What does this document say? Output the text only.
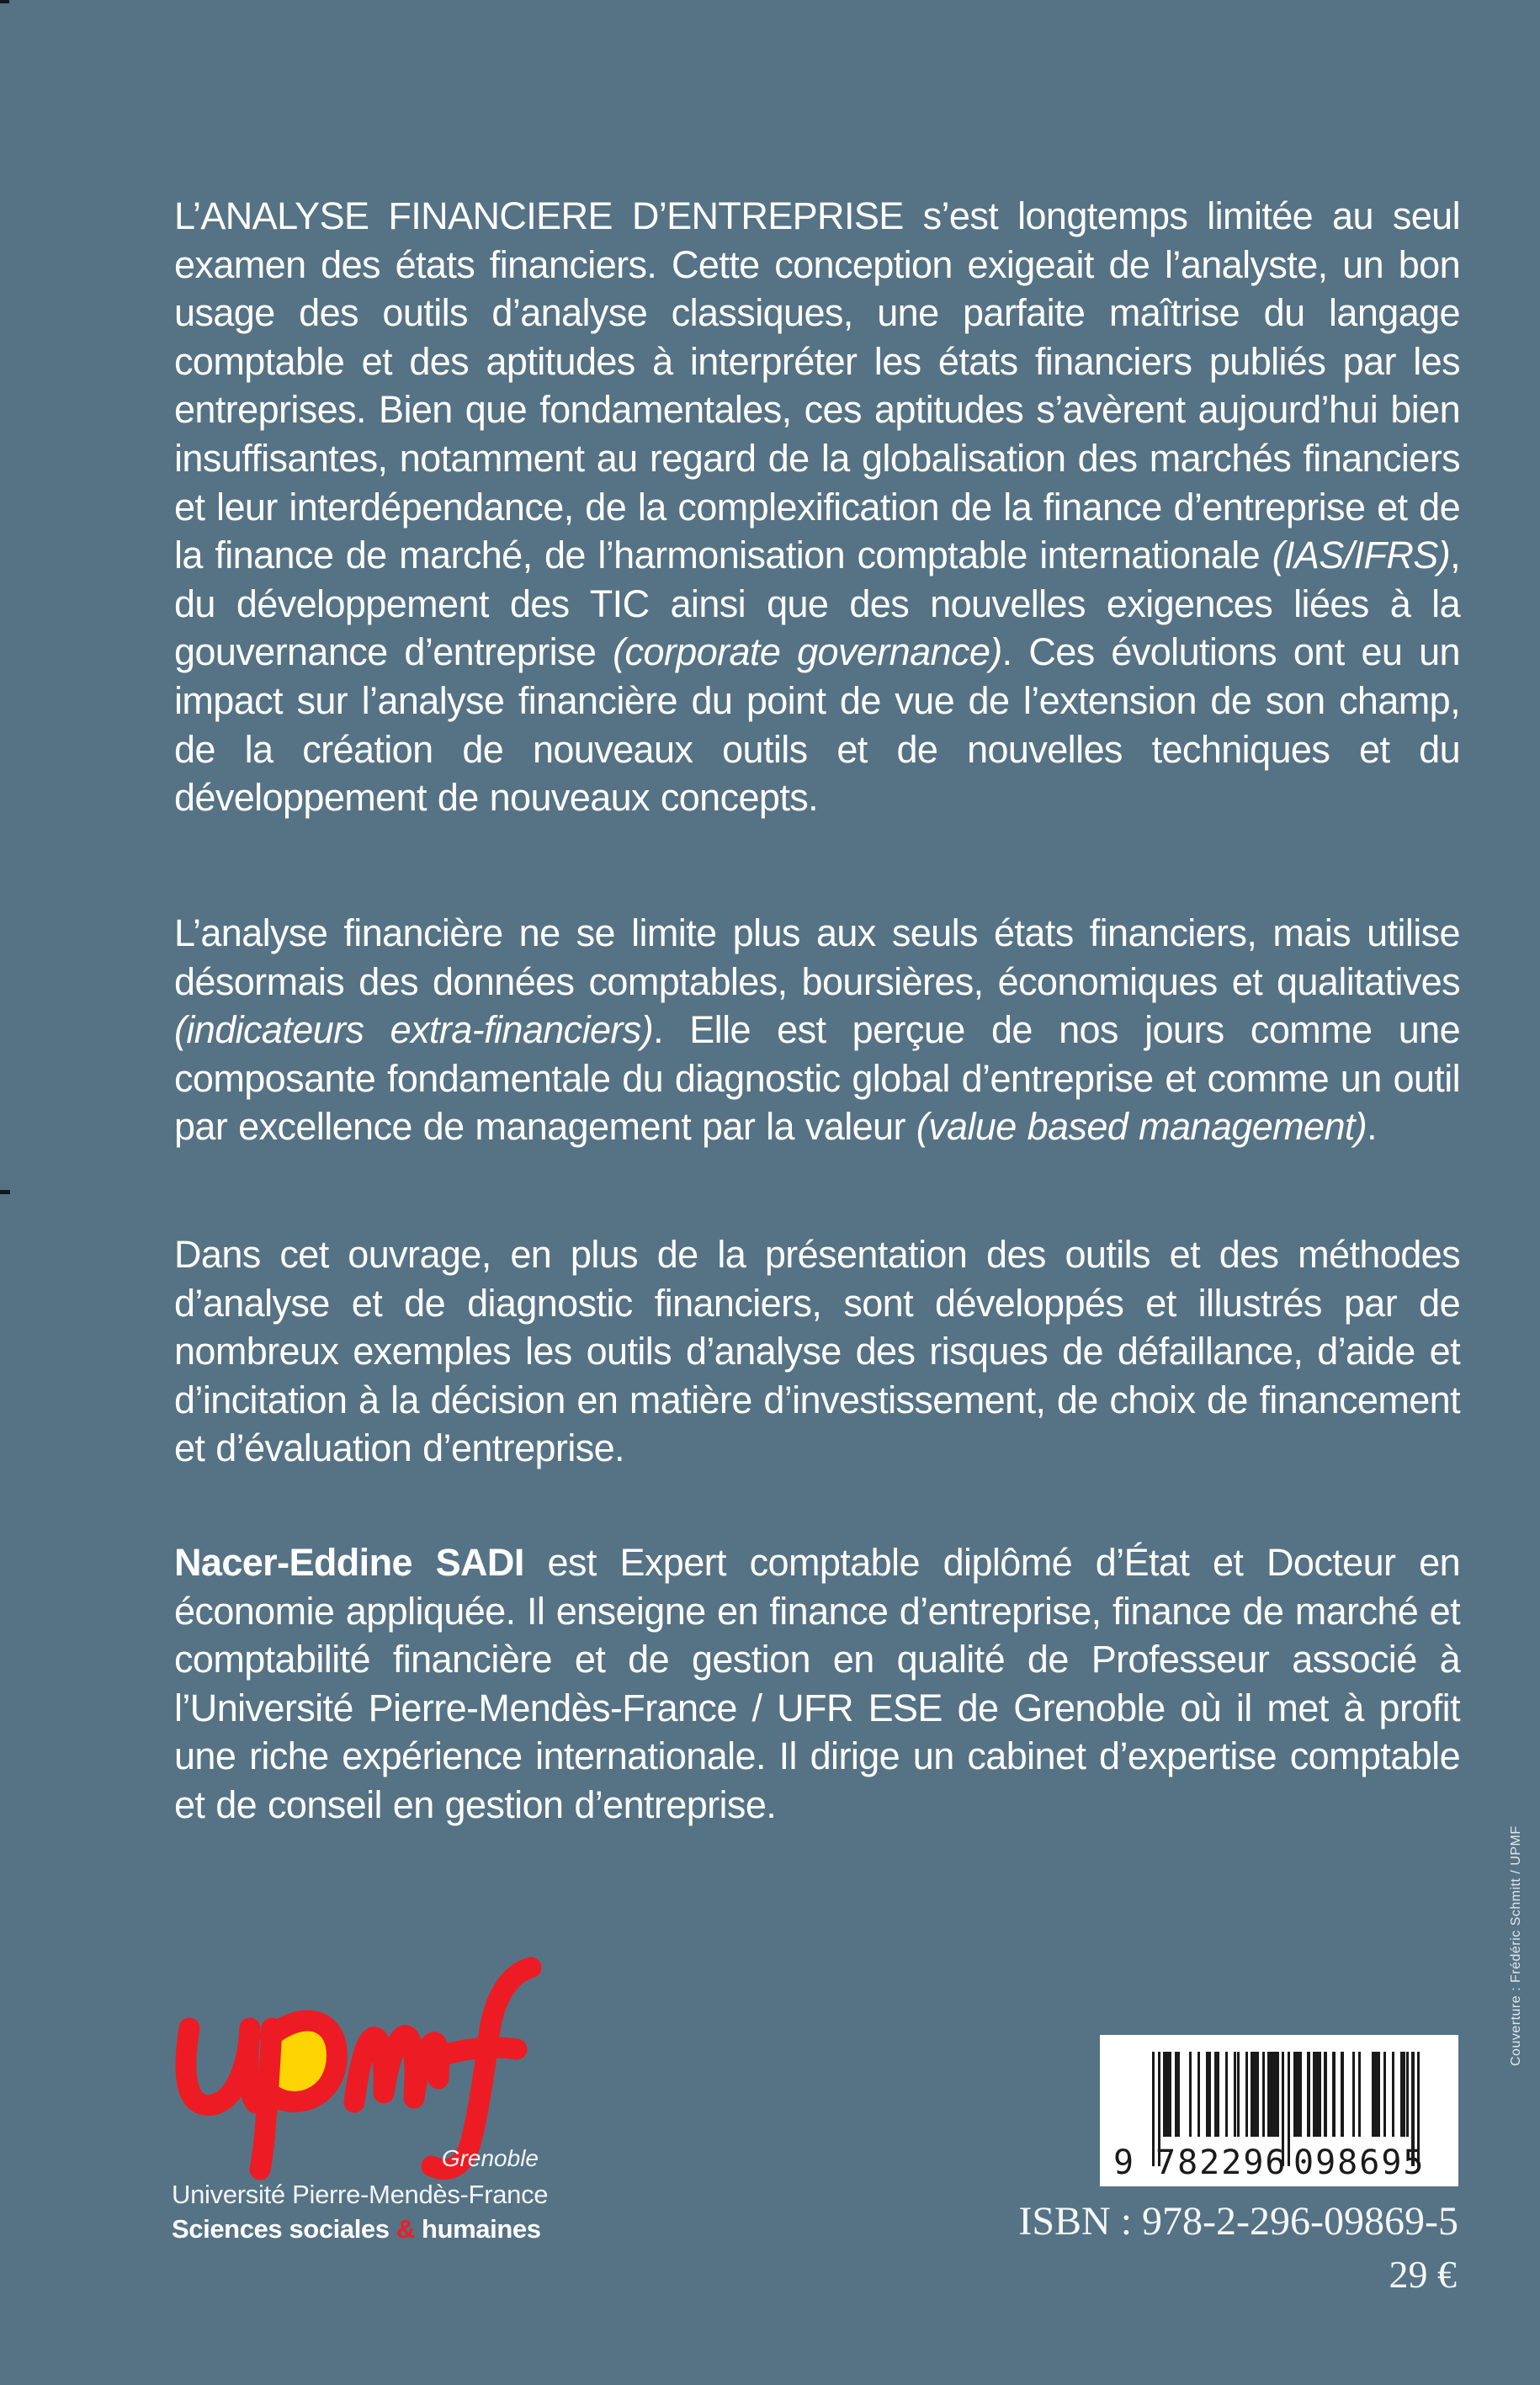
L’ANALYSE FINANCIERE D’ENTREPRISE s’est longtemps limitée au seul examen des états financiers. Cette conception exigeait de l’analyste, un bon usage des outils d’analyse classiques, une parfaite maîtrise du langage comptable et des aptitudes à interpréter les états financiers publiés par les entreprises. Bien que fondamentales, ces aptitudes s’avèrent aujourd’hui bien insuffisantes, notamment au regard de la globalisation des marchés financiers et leur interdépendance, de la complexification de la finance d’entreprise et de la finance de marché, de l’harmonisation comptable internationale (IAS/IFRS), du développement des TIC ainsi que des nouvelles exigences liées à la gouvernance d’entreprise (corporate governance). Ces évolutions ont eu un impact sur l’analyse financière du point de vue de l’extension de son champ, de la création de nouveaux outils et de nouvelles techniques et du développement de nouveaux concepts.

L’analyse financière ne se limite plus aux seuls états financiers, mais utilise désormais des données comptables, boursières, économiques et qualitatives (indicateurs extra-financiers). Elle est perçue de nos jours comme une composante fondamentale du diagnostic global d’entreprise et comme un outil par excellence de management par la valeur (value based management).

Dans cet ouvrage, en plus de la présentation des outils et des méthodes d’analyse et de diagnostic financiers, sont développés et illustrés par de nombreux exemples les outils d’analyse des risques de défaillance, d’aide et d’incitation à la décision en matière d’investissement, de choix de financement et d’évaluation d’entreprise.

Nacer-Eddine SADI est Expert comptable diplômé d’État et Docteur en économie appliquée. Il enseigne en finance d’entreprise, finance de marché et comptabilité financière et de gestion en qualité de Professeur associé à l’Université Pierre-Mendès-France / UFR ESE de Grenoble où il met à profit une riche expérience internationale. Il dirige un cabinet d’expertise comptable et de conseil en gestion d’entreprise.

Grenoble
Université Pierre-Mendès-France
Sciences sociales & humaines
9 782296 098695
ISBN : 978-2-296-09869-5
29 €
Couverture : Frédéric Schmitt / UPMF
